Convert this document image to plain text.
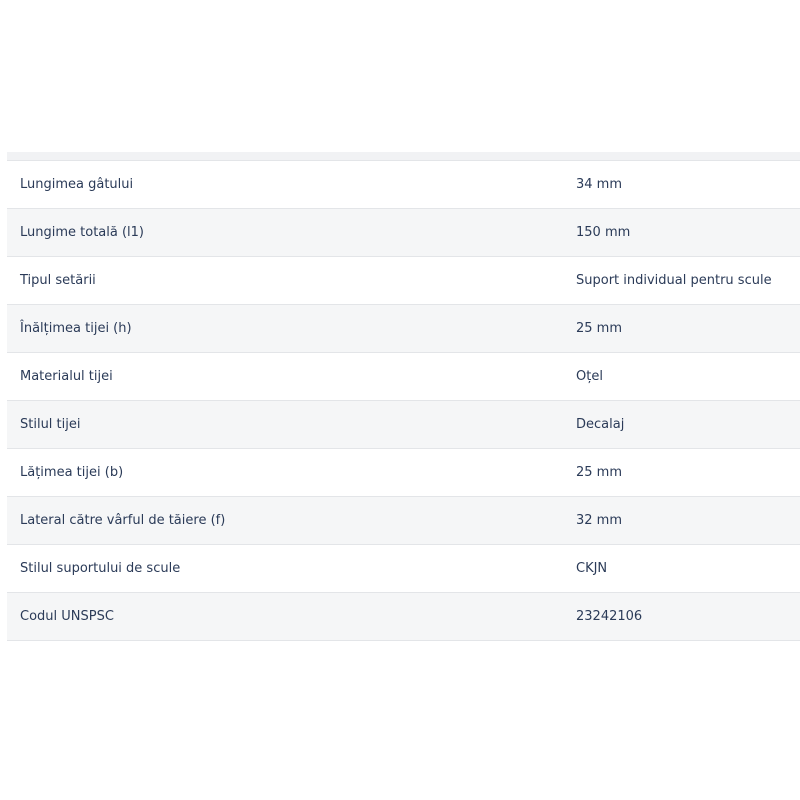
Lungimea gâtului	34 mm
Lungime totală (l1)	150 mm
Tipul setării	Suport individual pentru scule
Înălțimea tijei (h)	25 mm
Materialul tijei	Oțel
Stilul tijei	Decalaj
Lățimea tijei (b)	25 mm
Lateral către vârful de tăiere (f)	32 mm
Stilul suportului de scule	CKJN
Codul UNSPSC	23242106
